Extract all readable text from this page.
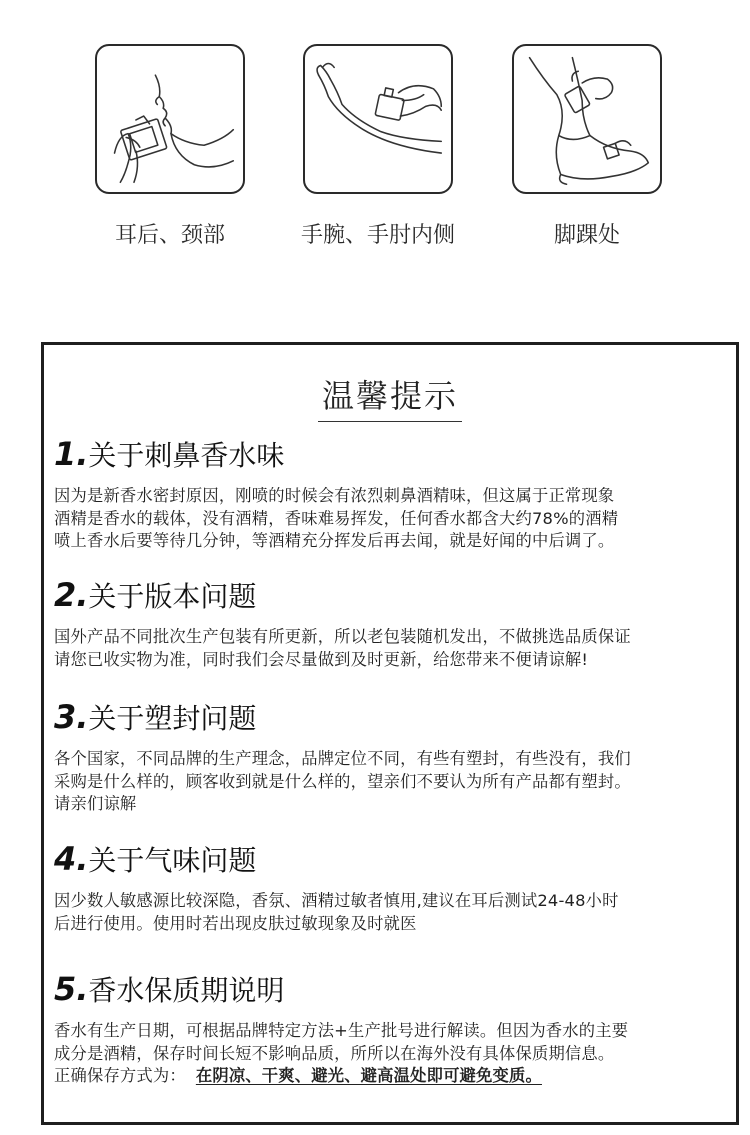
耳后、颈部	手腕、手肘内侧	脚踝处
温馨提示
1.关于刺鼻香水味

因为是新香水密封原因，刚喷的时候会有浓烈刺鼻酒精味，但这属于正常现象

酒精是香水的载体，没有酒精，香味难易挥发，任何香水都含大约78%的酒精

喷上香水后要等待几分钟，等酒精充分挥发后再去闻，就是好闻的中后调了。

2.关于版本问题

国外产品不同批次生产包装有所更新，所以老包装随机发出，不做挑选品质保证

请您已收实物为准，同时我们会尽量做到及时更新，给您带来不便请谅解!

3.关于塑封问题

各个国家，不同品牌的生产理念，品牌定位不同，有些有塑封，有些没有，我们

采购是什么样的，顾客收到就是什么样的，望亲们不要认为所有产品都有塑封。

请亲们谅解

4.关于气味问题

因少数人敏感源比较深隐，香氛、酒精过敏者慎用,建议在耳后测试24-48小时

后进行使用。使用时若出现皮肤过敏现象及时就医

5.香水保质期说明

香水有生产日期，可根据品牌特定方法+生产批号进行解读。但因为香水的主要

成分是酒精，保存时间长短不影响品质，所所以在海外没有具体保质期信息。

正确保存方式为： 在阴凉、干爽、避光、避高温处即可避免变质。
